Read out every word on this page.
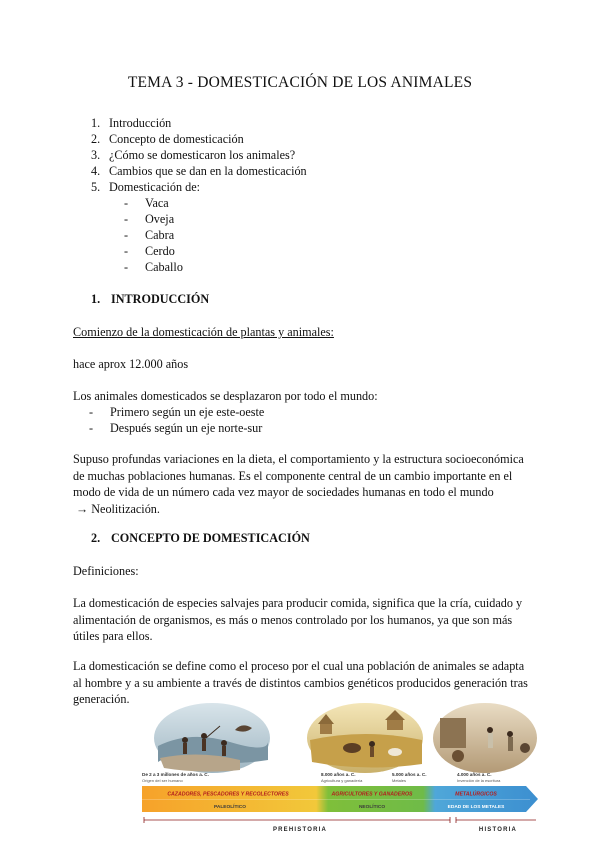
TEMA 3 - DOMESTICACIÓN DE LOS ANIMALES
1. Introducción
2. Concepto de domesticación
3. ¿Cómo se domesticaron los animales?
4. Cambios que se dan en la domesticación
5. Domesticación de:
-	Vaca
-	Oveja
-	Cabra
-	Cerdo
-	Caballo
1. INTRODUCCIÓN
Comienzo de la domesticación de plantas y animales:
hace aprox 12.000 años
Los animales domesticados se desplazaron por todo el mundo:
-	Primero según un eje este-oeste
-	Después según un eje norte-sur
Supuso profundas variaciones en la dieta, el comportamiento y la estructura socioeconómica
de muchas poblaciones humanas. Es el componente central de un cambio importante en el
modo de vida de un número cada vez mayor de sociedades humanas en todo el mundo
→ Neolitización.
2. CONCEPTO DE DOMESTICACIÓN
Definiciones:
La domesticación de especies salvajes para producir comida, significa que la cría, cuidado y
alimentación de organismos, es más o menos controlado por los humanos, ya que son más
útiles para ellos.
La domesticación se define como el proceso por el cual una población de animales se adapta
al hombre y a su ambiente a través de distintos cambios genéticos producidos generación tras
generación.
De 2 a 3 millones de años a. C.
Origen del ser humano
8.000 años a. C.
Agricultura y ganadería
5.000 años a. C.
Metales
4.000 años a. C.
Invención de la escritura
CAZADORES, PESCADORES Y RECOLECTORES	AGRICULTORES Y GANADEROS	METALÚRGICOS
PALEOLÍTICO	NEOLÍTICO	EDAD DE LOS METALES
PREHISTORIA	HISTORIA
